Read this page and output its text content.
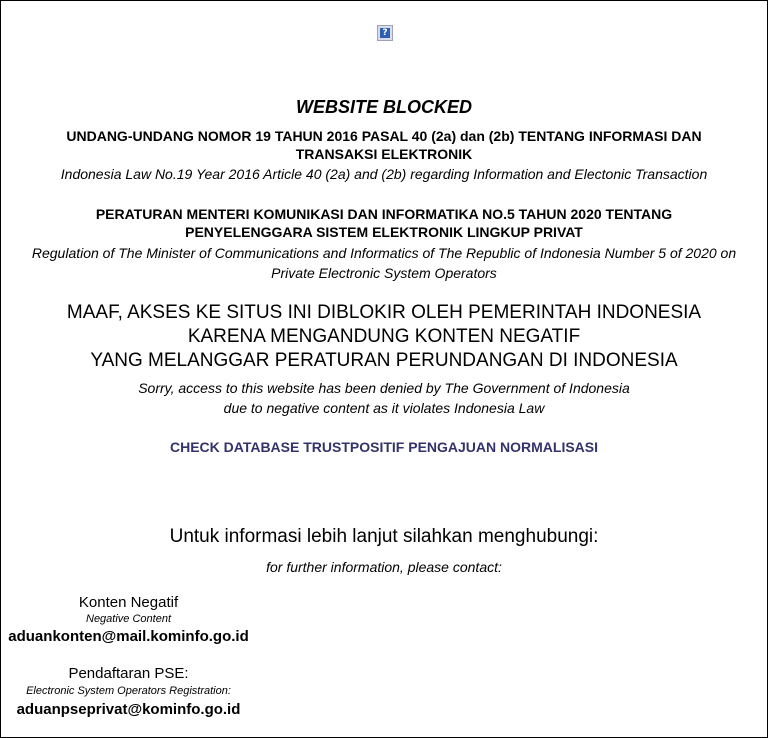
?
WEBSITE BLOCKED
UNDANG-UNDANG NOMOR 19 TAHUN 2016 PASAL 40 (2a) dan (2b) TENTANG INFORMASI DAN TRANSAKSI ELEKTRONIK
Indonesia Law No.19 Year 2016 Article 40 (2a) and (2b) regarding Information and Electonic Transaction
PERATURAN MENTERI KOMUNIKASI DAN INFORMATIKA NO.5 TAHUN 2020 TENTANG PENYELENGGARA SISTEM ELEKTRONIK LINGKUP PRIVAT
Regulation of The Minister of Communications and Informatics of The Republic of Indonesia Number 5 of 2020 on Private Electronic System Operators
MAAF, AKSES KE SITUS INI DIBLOKIR OLEH PEMERINTAH INDONESIA
KARENA MENGANDUNG KONTEN NEGATIF
YANG MELANGGAR PERATURAN PERUNDANGAN DI INDONESIA
Sorry, access to this website has been denied by The Government of Indonesia
due to negative content as it violates Indonesia Law
CHECK DATABASE TRUSTPOSITIF PENGAJUAN NORMALISASI
Untuk informasi lebih lanjut silahkan menghubungi:
for further information, please contact:
Konten Negatif
Negative Content
aduankonten@mail.kominfo.go.id
Pendaftaran PSE:
Electronic System Operators Registration:
aduanpseprivat@kominfo.go.id
